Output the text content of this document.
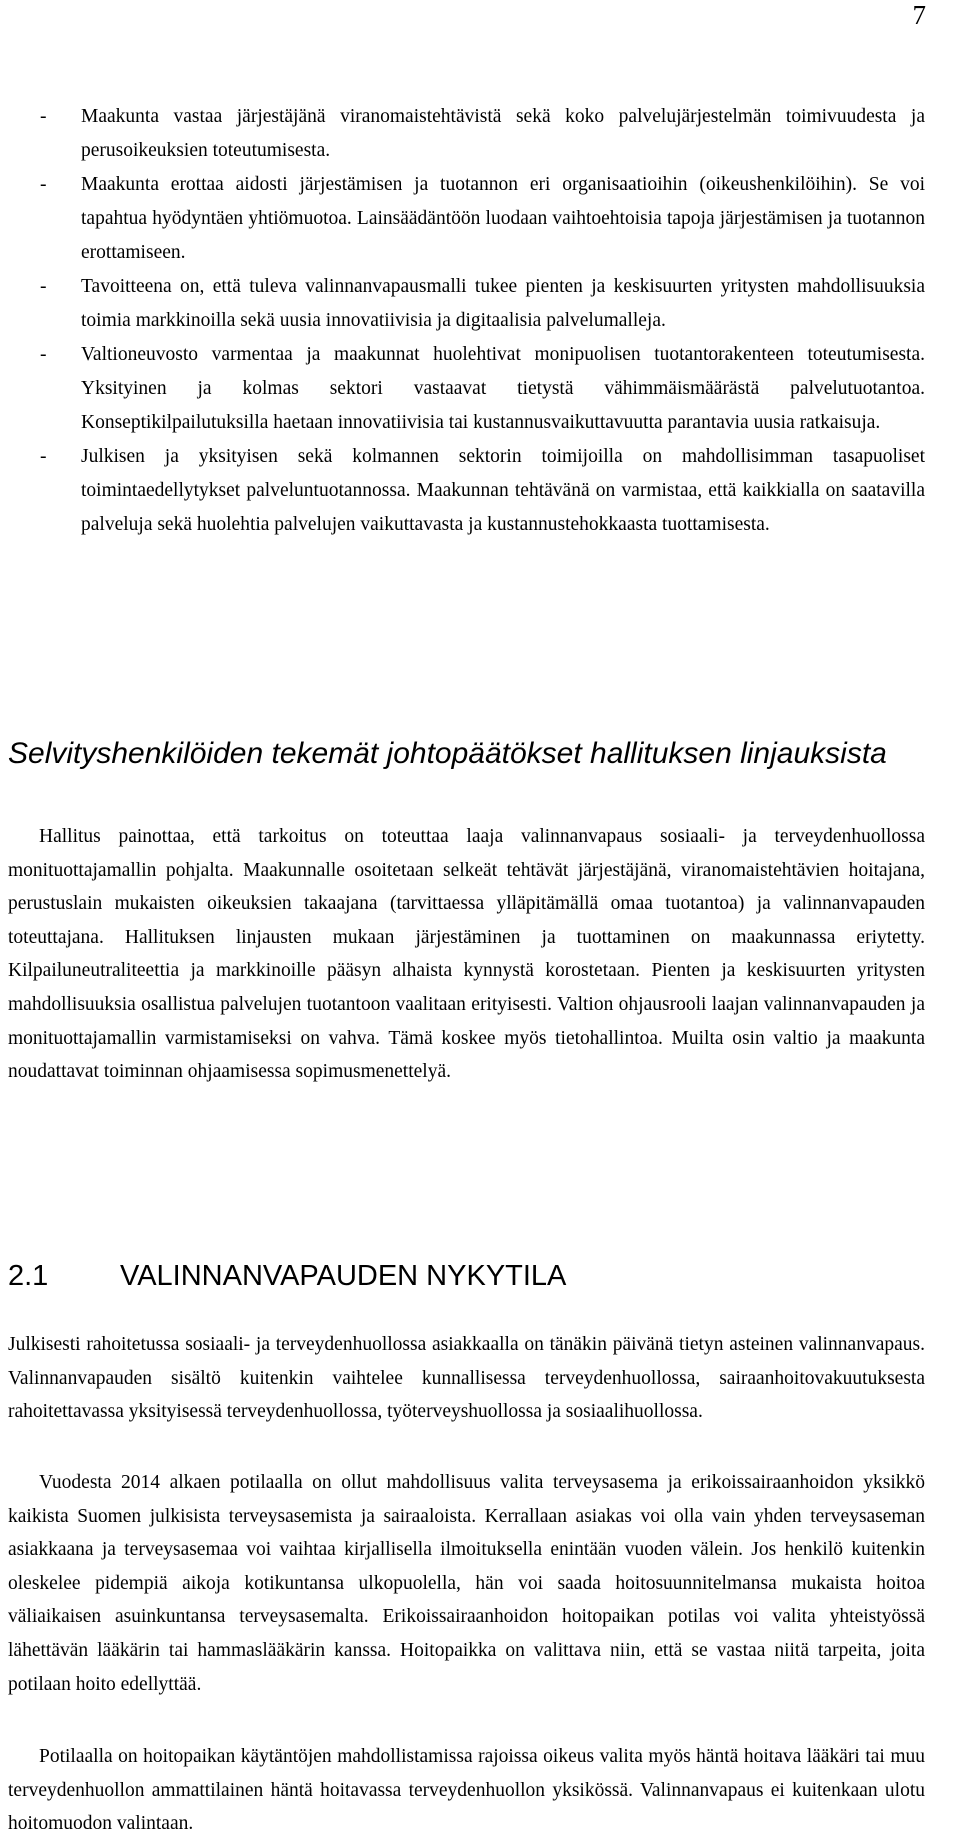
7
-	Maakunta vastaa järjestäjänä viranomaistehtävistä sekä koko palvelujärjestelmän toimivuudesta ja perusoikeuksien toteutumisesta.
-	Maakunta erottaa aidosti järjestämisen ja tuotannon eri organisaatioihin (oikeushenkilöihin). Se voi tapahtua hyödyntäen yhtiömuotoa. Lainsäädäntöön luodaan vaihtoehtoisia tapoja järjestämisen ja tuotannon erottamiseen.
-	Tavoitteena on, että tuleva valinnanvapausmalli tukee pienten ja keskisuurten yritysten mahdollisuuksia toimia markkinoilla sekä uusia innovatiivisia ja digitaalisia palvelumalleja.
-	Valtioneuvosto varmentaa ja maakunnat huolehtivat monipuolisen tuotantorakenteen toteutumisesta. Yksityinen ja kolmas sektori vastaavat tietystä vähimmäismäärästä palvelutuotantoa. Konseptikilpailutuksilla haetaan innovatiivisia tai kustannusvaikuttavuutta parantavia uusia ratkaisuja.
-	Julkisen ja yksityisen sekä kolmannen sektorin toimijoilla on mahdollisimman tasapuoliset toimintaedellytykset palveluntuotannossa. Maakunnan tehtävänä on varmistaa, että kaikkialla on saatavilla palveluja sekä huolehtia palvelujen vaikuttavasta ja kustannustehokkaasta tuottamisesta.
Selvityshenkilöiden tekemät johtopäätökset hallituksen linjauksista

Hallitus painottaa, että tarkoitus on toteuttaa laaja valinnanvapaus sosiaali- ja terveydenhuollossa monituottajamallin pohjalta. Maakunnalle osoitetaan selkeät tehtävät järjestäjänä, viranomaistehtävien hoitajana, perustuslain mukaisten oikeuksien takaajana (tarvittaessa ylläpitämällä omaa tuotantoa) ja valinnanvapauden toteuttajana. Hallituksen linjausten mukaan järjestäminen ja tuottaminen on maakunnassa eriytetty. Kilpailuneutraliteettia ja markkinoille pääsyn alhaista kynnystä korostetaan. Pienten ja keskisuurten yritysten mahdollisuuksia osallistua palvelujen tuotantoon vaalitaan erityisesti. Valtion ohjausrooli laajan valinnanvapauden ja monituottajamallin varmistamiseksi on vahva. Tämä koskee myös tietohallintoa. Muilta osin valtio ja maakunta noudattavat toiminnan ohjaamisessa sopimusmenettelyä.

2.1	VALINNANVAPAUDEN NYKYTILA

Julkisesti rahoitetussa sosiaali- ja terveydenhuollossa asiakkaalla on tänäkin päivänä tietyn asteinen valinnanvapaus. Valinnanvapauden sisältö kuitenkin vaihtelee kunnallisessa terveydenhuollossa, sairaanhoitovakuutuksesta rahoitettavassa yksityisessä terveydenhuollossa, työterveyshuollossa ja sosiaalihuollossa.

Vuodesta 2014 alkaen potilaalla on ollut mahdollisuus valita terveysasema ja erikoissairaanhoidon yksikkö kaikista Suomen julkisista terveysasemista ja sairaaloista. Kerrallaan asiakas voi olla vain yhden terveysaseman asiakkaana ja terveysasemaa voi vaihtaa kirjallisella ilmoituksella enintään vuoden välein. Jos henkilö kuitenkin oleskelee pidempiä aikoja kotikuntansa ulkopuolella, hän voi saada hoitosuunnitelmansa mukaista hoitoa väliaikaisen asuinkuntansa terveysasemalta. Erikoissairaanhoidon hoitopaikan potilas voi valita yhteistyössä lähettävän lääkärin tai hammaslääkärin kanssa. Hoitopaikka on valittava niin, että se vastaa niitä tarpeita, joita potilaan hoito edellyttää.

Potilaalla on hoitopaikan käytäntöjen mahdollistamissa rajoissa oikeus valita myös häntä hoitava lääkäri tai muu terveydenhuollon ammattilainen häntä hoitavassa terveydenhuollon yksikössä. Valinnanvapaus ei kuitenkaan ulotu hoitomuodon valintaan.
